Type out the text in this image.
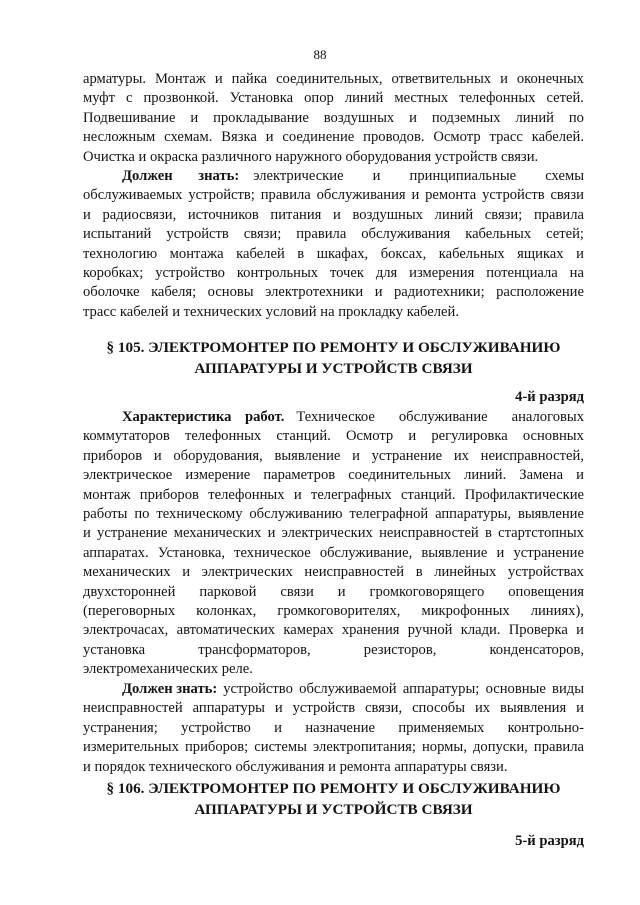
88
арматуры. Монтаж и пайка соединительных, ответвительных и оконечных
муфт с прозвонкой. Установка опор линий местных телефонных сетей.
Подвешивание и прокладывание воздушных и подземных линий по
несложным схемам. Вязка и соединение проводов. Осмотр трасс кабелей.
Очистка и окраска различного наружного оборудования устройств связи.
Должен знать: электрические и принципиальные схемы
обслуживаемых устройств; правила обслуживания и ремонта устройств связи
и радиосвязи, источников питания и воздушных линий связи; правила
испытаний устройств связи; правила обслуживания кабельных сетей;
технологию монтажа кабелей в шкафах, боксах, кабельных ящиках и
коробках; устройство контрольных точек для измерения потенциала на
оболочке кабеля; основы электротехники и радиотехники; расположение
трасс кабелей и технических условий на прокладку кабелей.
§ 105. ЭЛЕКТРОМОНТЕР ПО РЕМОНТУ И ОБСЛУЖИВАНИЮ
АППАРАТУРЫ И УСТРОЙСТВ СВЯЗИ
4-й разряд
Характеристика работ. Техническое обслуживание аналоговых
коммутаторов телефонных станций. Осмотр и регулировка основных
приборов и оборудования, выявление и устранение их неисправностей,
электрическое измерение параметров соединительных линий. Замена и
монтаж приборов телефонных и телеграфных станций. Профилактические
работы по техническому обслуживанию телеграфной аппаратуры, выявление
и устранение механических и электрических неисправностей в стартстопных
аппаратах. Установка, техническое обслуживание, выявление и устранение
механических и электрических неисправностей в линейных устройствах
двухсторонней парковой связи и громкоговорящего оповещения
(переговорных колонках, громкоговорителях, микрофонных линиях),
электрочасах, автоматических камерах хранения ручной клади. Проверка и
установка	трансформаторов,	резисторов,	конденсаторов,
электромеханических реле.
Должен знать: устройство обслуживаемой аппаратуры; основные виды
неисправностей аппаратуры и устройств связи, способы их выявления и
устранения; устройство и назначение применяемых контрольно-
измерительных приборов; системы электропитания; нормы, допуски, правила
и порядок технического обслуживания и ремонта аппаратуры связи.
§ 106. ЭЛЕКТРОМОНТЕР ПО РЕМОНТУ И ОБСЛУЖИВАНИЮ
АППАРАТУРЫ И УСТРОЙСТВ СВЯЗИ
5-й разряд
